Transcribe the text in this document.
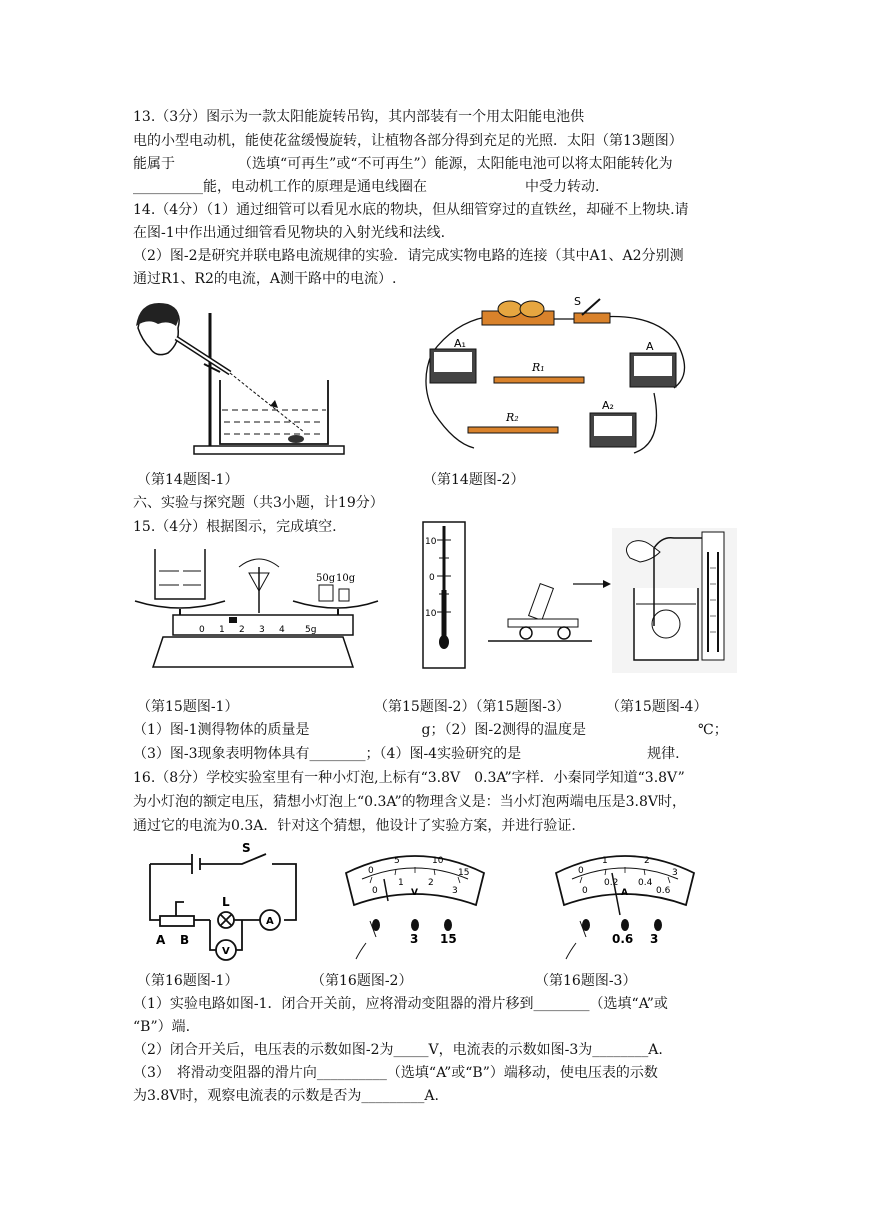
13.（3分）图示为一款太阳能旋转吊钩，其内部装有一个用太阳能电池供
电的小型电动机，能使花盆缓慢旋转，让植物各部分得到充足的光照．太阳（第13题图）
能属于　　　　　（选填“可再生”或“不可再生”）能源，太阳能电池可以将太阳能转化为
__________能，电动机工作的原理是通电线圈在　　　　　　　中受力转动.
14.（4分）（1）通过细管可以看见水底的物块，但从细管穿过的直铁丝，却碰不上物块.请
在图-1中作出通过细管看见物块的入射光线和法线.
（2）图-2是研究并联电路电流规律的实验．请完成实物电路的连接（其中A1、A2分别测
通过R1、R2的电流，A测干路中的电流）.
S
A₁	A
A₂
R₁
R₂
（第14题图-1）	（第14题图-2）
六、实验与探究题（共3小题，计19分）
15.（4分）根据图示，完成填空.
50g 10g
0 1 2 3 4 5g
10
0
10
（第15题图-1）	（第15题图-2）（第15题图-3）	（第15题图-4）
（1）图-1测得物体的质量是　　　　　　　　g；（2）图-2测得的温度是　　　　　　　　℃；
（3）图-3现象表明物体具有________；（4）图-4实验研究的是　　　　　　　　　规律.
16.（8分）学校实验室里有一种小灯泡,上标有“3.8V　0.3A”字样．小秦同学知道“3.8V”
为小灯泡的额定电压，猜想小灯泡上“0.3A”的物理含义是：当小灯泡两端电压是3.8V时，
通过它的电流为0.3A．针对这个猜想，他设计了实验方案，并进行验证.
S
L
A B
V
A
0
5	10
15
0
1	2
3
V
3 15
0
1	2
3
0
0.2 0.4
0.6
A
0.6 3
（第16题图-1）	（第16题图-2）	（第16题图-3）
（1）实验电路如图-1．闭合开关前，应将滑动变阻器的滑片移到________（选填“A”或
“B”）端.
（2）闭合开关后，电压表的示数如图-2为_____V，电流表的示数如图-3为________A.
（3）　将滑动变阻器的滑片向__________（选填“A”或“B”）端移动，使电压表的示数
为3.8V时，观察电流表的示数是否为_________A.
